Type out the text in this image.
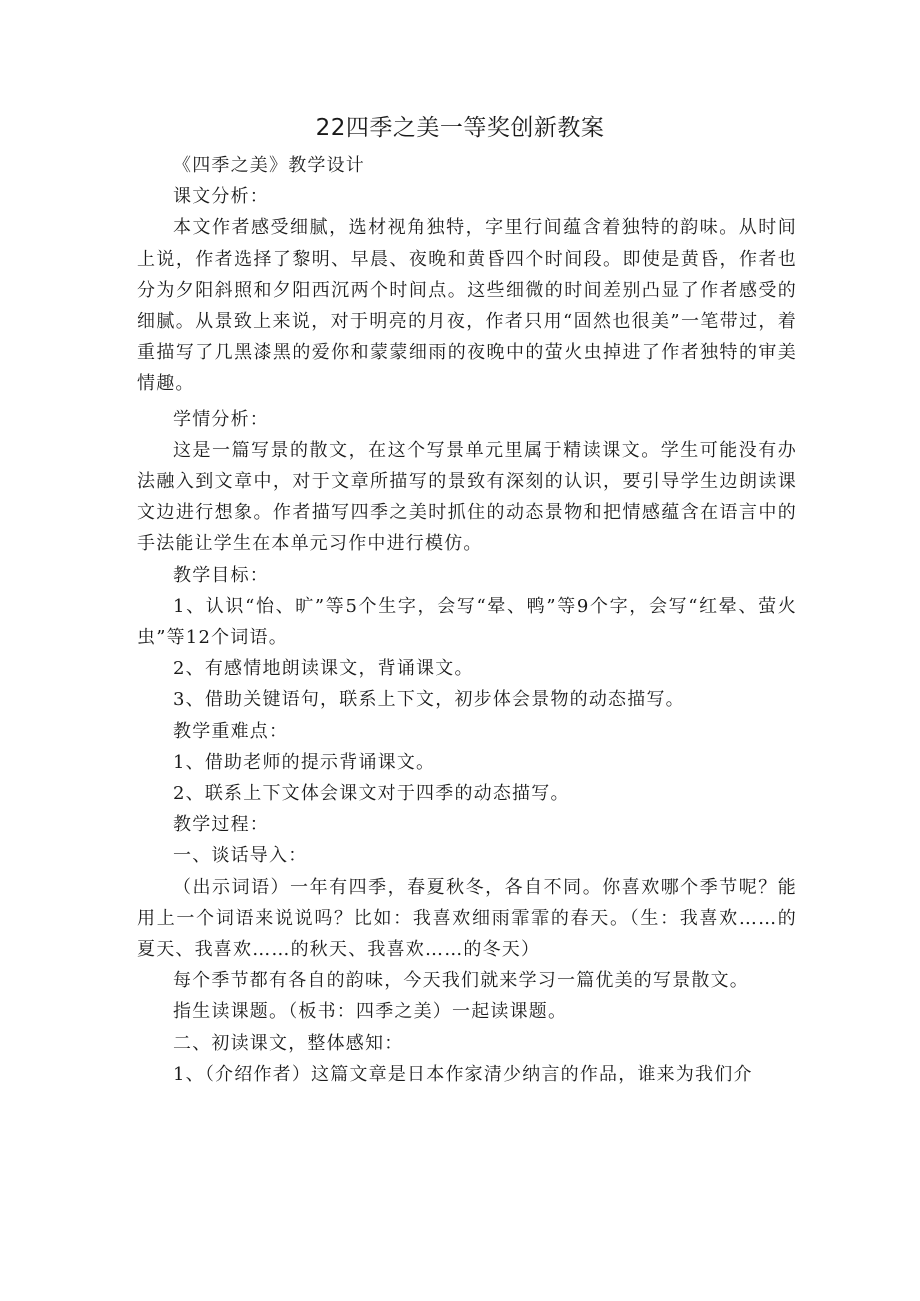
22四季之美一等奖创新教案

《四季之美》教学设计

课文分析：

本文作者感受细腻，选材视角独特，字里行间蕴含着独特的韵味。从时间上说，作者选择了黎明、早晨、夜晚和黄昏四个时间段。即使是黄昏，作者也分为夕阳斜照和夕阳西沉两个时间点。这些细微的时间差别凸显了作者感受的细腻。从景致上来说，对于明亮的月夜，作者只用“固然也很美”一笔带过，着重描写了几黑漆黑的爱你和蒙蒙细雨的夜晚中的萤火虫掉进了作者独特的审美情趣。

学情分析：

这是一篇写景的散文，在这个写景单元里属于精读课文。学生可能没有办法融入到文章中，对于文章所描写的景致有深刻的认识，要引导学生边朗读课文边进行想象。作者描写四季之美时抓住的动态景物和把情感蕴含在语言中的手法能让学生在本单元习作中进行模仿。

教学目标：

1、认识“怡、旷”等5个生字，会写“晕、鸭”等9个字，会写“红晕、萤火虫”等12个词语。

2、有感情地朗读课文，背诵课文。

3、借助关键语句，联系上下文，初步体会景物的动态描写。

教学重难点：

1、借助老师的提示背诵课文。

2、联系上下文体会课文对于四季的动态描写。

教学过程：

一、谈话导入：

（出示词语）一年有四季，春夏秋冬，各自不同。你喜欢哪个季节呢？能用上一个词语来说说吗？比如：我喜欢细雨霏霏的春天。（生：我喜欢……的夏天、我喜欢……的秋天、我喜欢……的冬天）

每个季节都有各自的韵味，今天我们就来学习一篇优美的写景散文。

指生读课题。（板书：四季之美）一起读课题。

二、初读课文，整体感知：

1、（介绍作者）这篇文章是日本作家清少纳言的作品，谁来为我们介
